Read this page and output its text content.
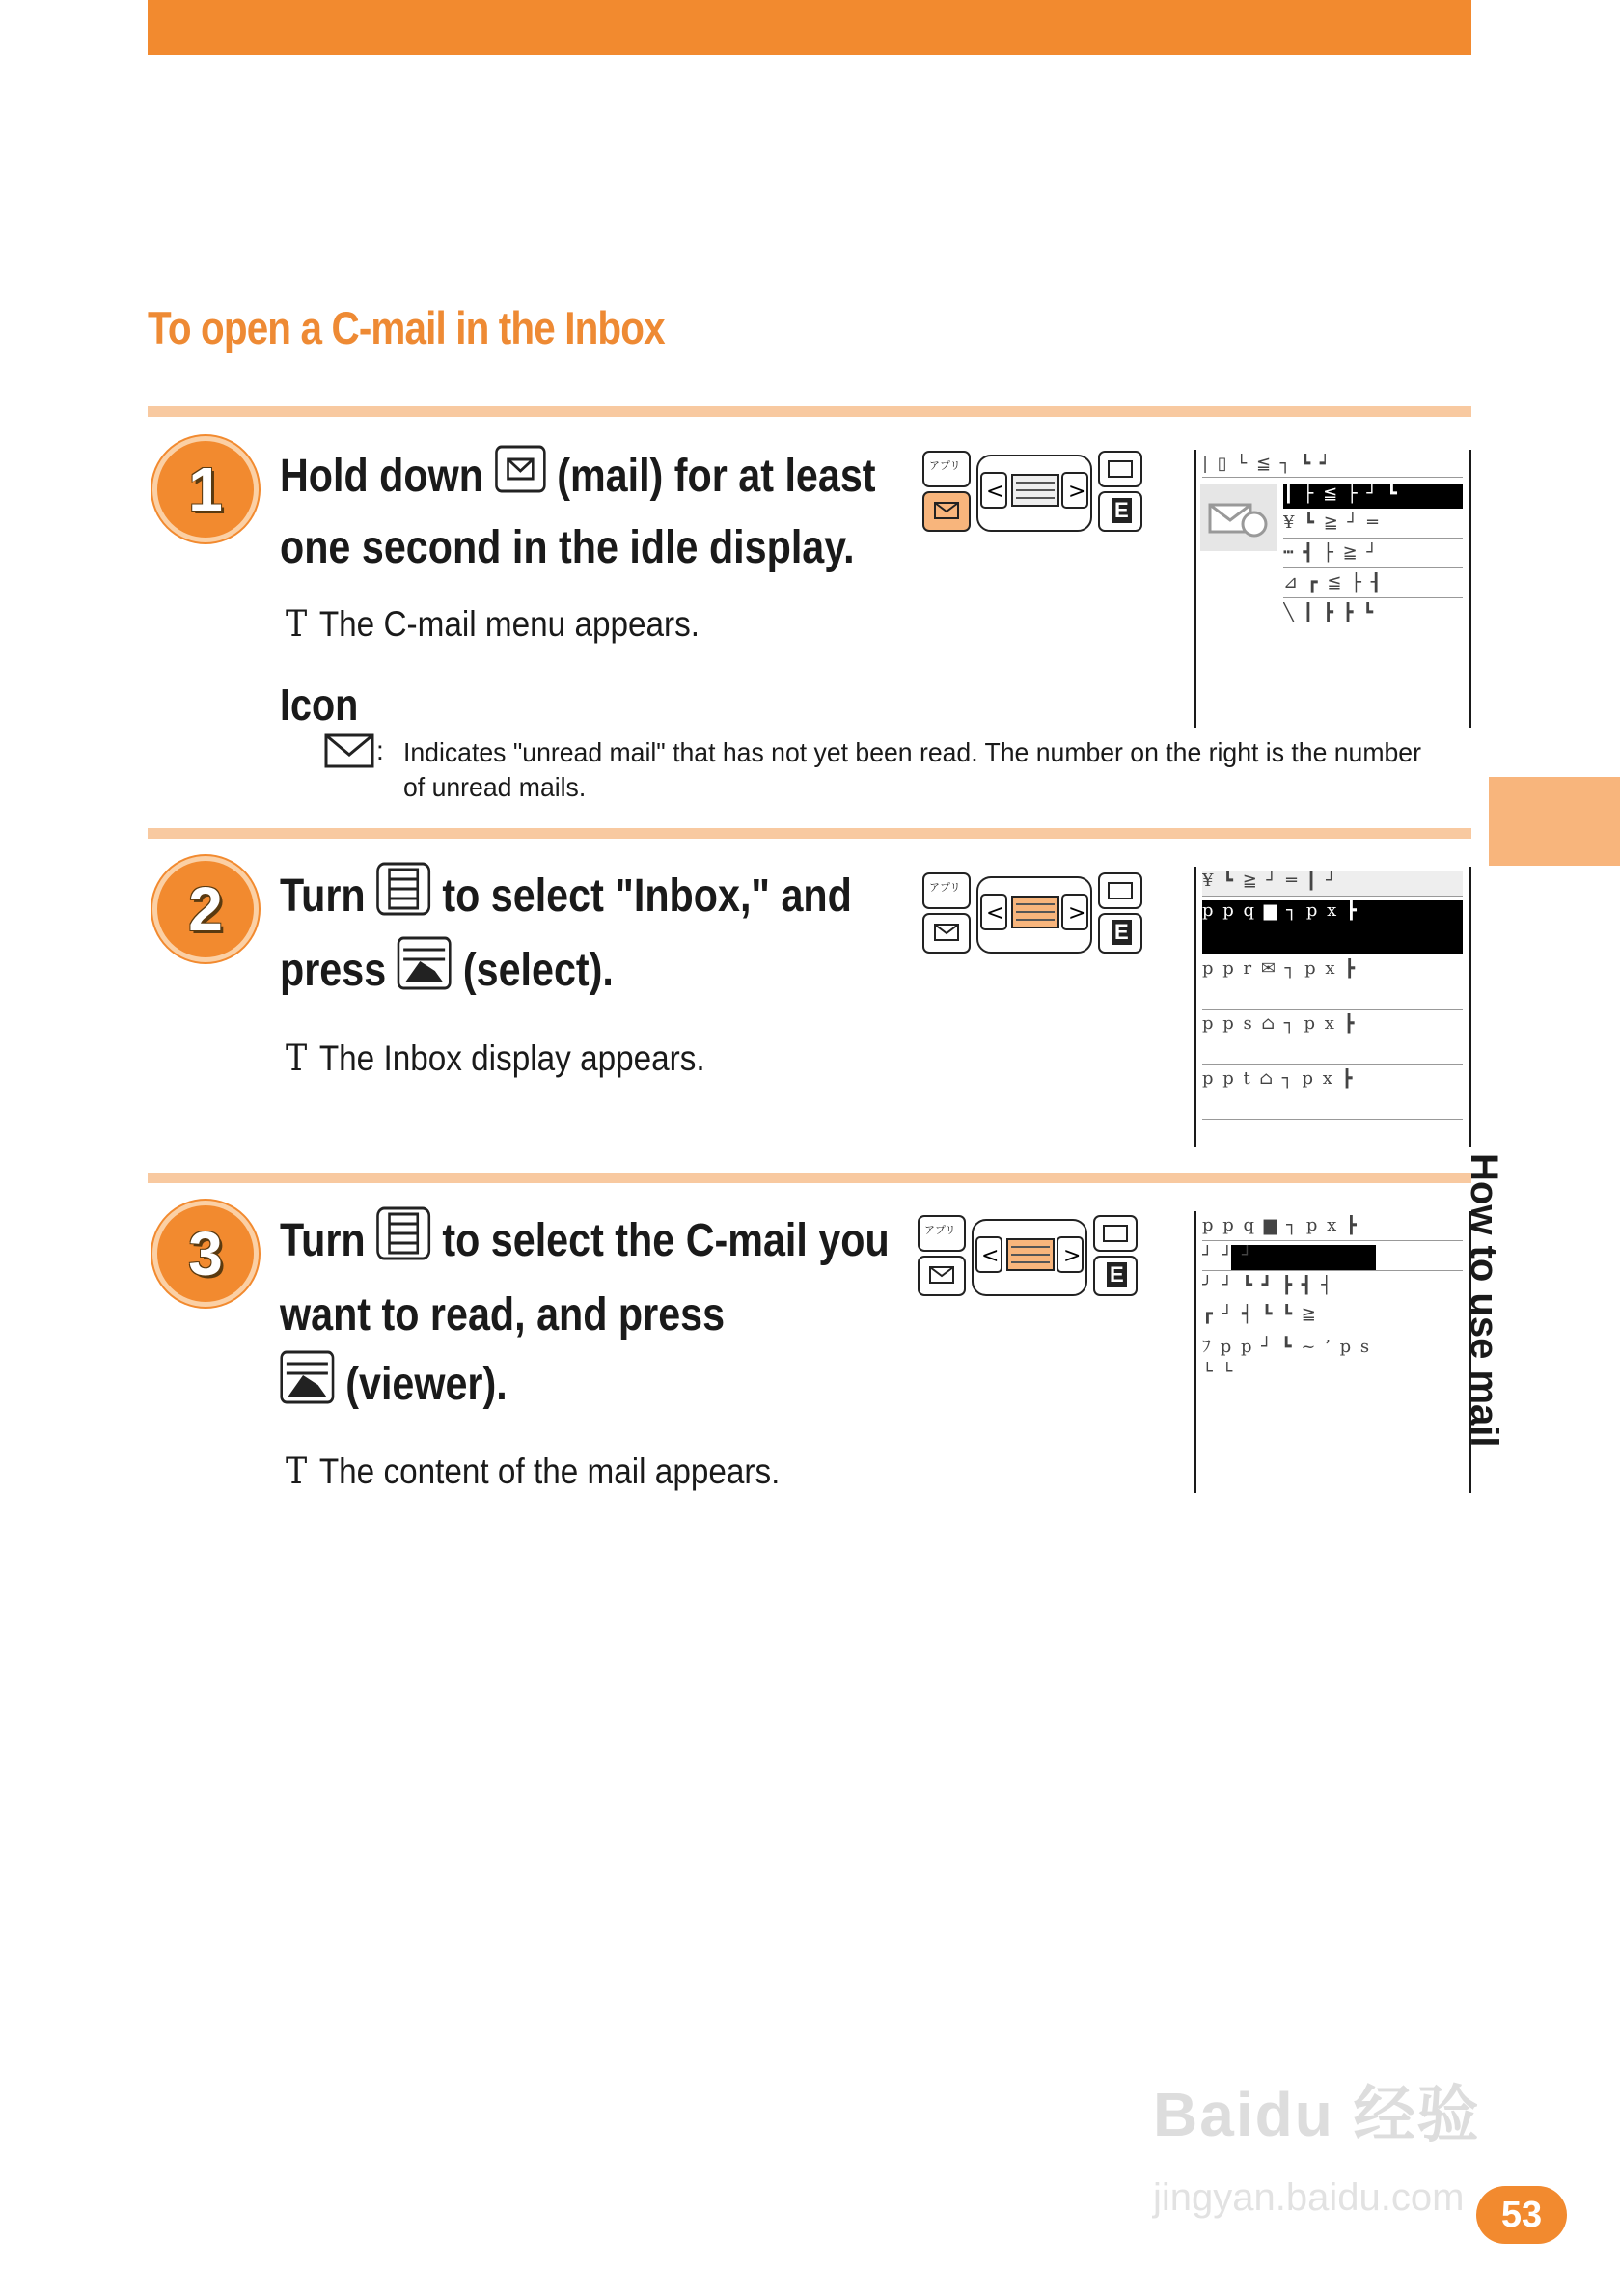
To open a C-mail in the Inbox
1 Hold down (mail) for at least
one second in the idle display.
T The C-mail menu appears.
Icon
: Indicates "unread mail" that has not yet been read. The number on the right is the number of unread mails.
<	>
アプリ
E
| ▯ └ ≦ ┐ ┗ ┙
┃ ├ ≦ ├ ┘ ┗
¥ ┗ ≧ ┘ ═
┅ ┫ ├ ≧ ┘
⊿ ┏ ≦ ├ ┨
╲ ┃ ┣ ┣ ┗
2 Turn to select "Inbox," and
press (select).
T The Inbox display appears.
<	>
アプリ
E
¥ ┗ ≧ ┘ ═ ┃ ┘
p p q ▆ ┐ p x ┣
p p r ✉ ┐ p x ┣
p p s ⌂ ┐ p x ┣
p p t ⌂ ┐ p x ┣
3 Turn to select the C-mail you
want to read, and press
(viewer).
T The content of the mail appears.
<	>
アプリ
E
p p q ▆ ┐ p x ┣
┘ ┘ ┘
╯ ┘ ┗ ┛ ┣ ┫ ┤
┏ ┘ ┥ ┗ ┗ ≧
ﾌ p p ┘ ┗ ~ ’ p s
└ └	How to use mail
Baidu 经验
jingyan.baidu.com	53
